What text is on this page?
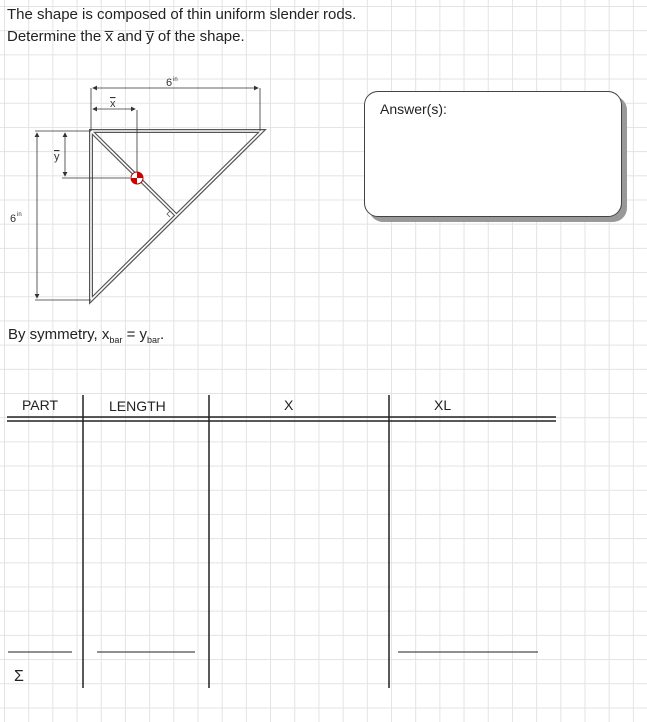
The shape is composed of thin uniform slender rods.
Determine the x̅ and y̅ of the shape.
6 in
6 in
x
y
Answer(s):
By symmetry, $x_{bar} = y_{bar}$.
PART	LENGTH	X	XL
Σ
